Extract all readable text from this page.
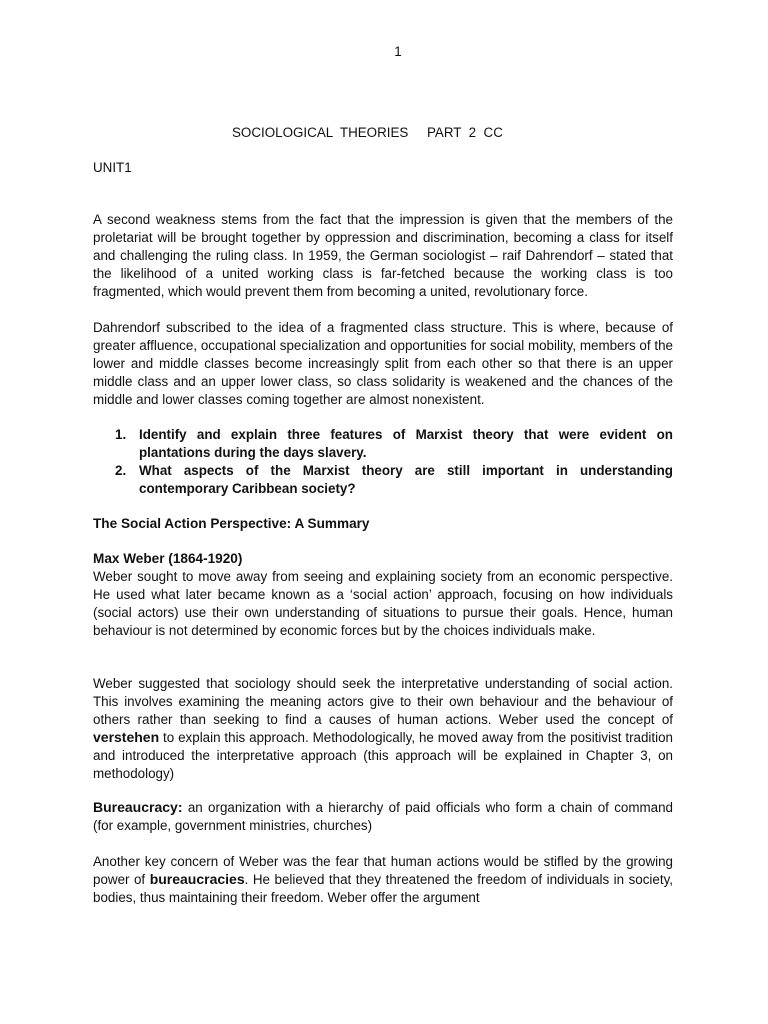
1
SOCIOLOGICAL  THEORIES     PART  2  CC
UNIT1

A second weakness stems from the fact that the impression is given that the members of the proletariat will be brought together by oppression and discrimination, becoming a class for itself and challenging the ruling class. In 1959, the German sociologist – raif Dahrendorf – stated that the likelihood of a united working class is far-fetched because the working class is too fragmented, which would prevent them from becoming a united, revolutionary force.

Dahrendorf subscribed to the idea of a fragmented class structure. This is where, because of greater affluence, occupational specialization and opportunities for social mobility, members of the lower and middle classes become increasingly split from each other so that there is an upper middle class and an upper lower class, so class solidarity is weakened and the chances of the middle and lower classes coming together are almost nonexistent.

1. Identify and explain three features of Marxist theory that were evident on plantations during the days slavery.
2. What aspects of the Marxist theory are still important in understanding contemporary Caribbean society?
The Social Action Perspective: A Summary
Max Weber (1864-1920)

Weber sought to move away from seeing and explaining society from an economic perspective. He used what later became known as a ‘social action’ approach, focusing on how individuals (social actors) use their own understanding of situations to pursue their goals. Hence, human behaviour is not determined by economic forces but by the choices individuals make.

Weber suggested that sociology should seek the interpretative understanding of social action. This involves examining the meaning actors give to their own behaviour and the behaviour of others rather than seeking to find a causes of human actions. Weber used the concept of verstehen to explain this approach. Methodologically, he moved away from the positivist tradition and introduced the interpretative approach (this approach will be explained in Chapter 3, on methodology)

Bureaucracy: an organization with a hierarchy of paid officials who form a chain of command (for example, government ministries, churches)

Another key concern of Weber was the fear that human actions would be stifled by the growing power of bureaucracies. He believed that they threatened the freedom of individuals in society, bodies, thus maintaining their freedom. Weber offer the argument
